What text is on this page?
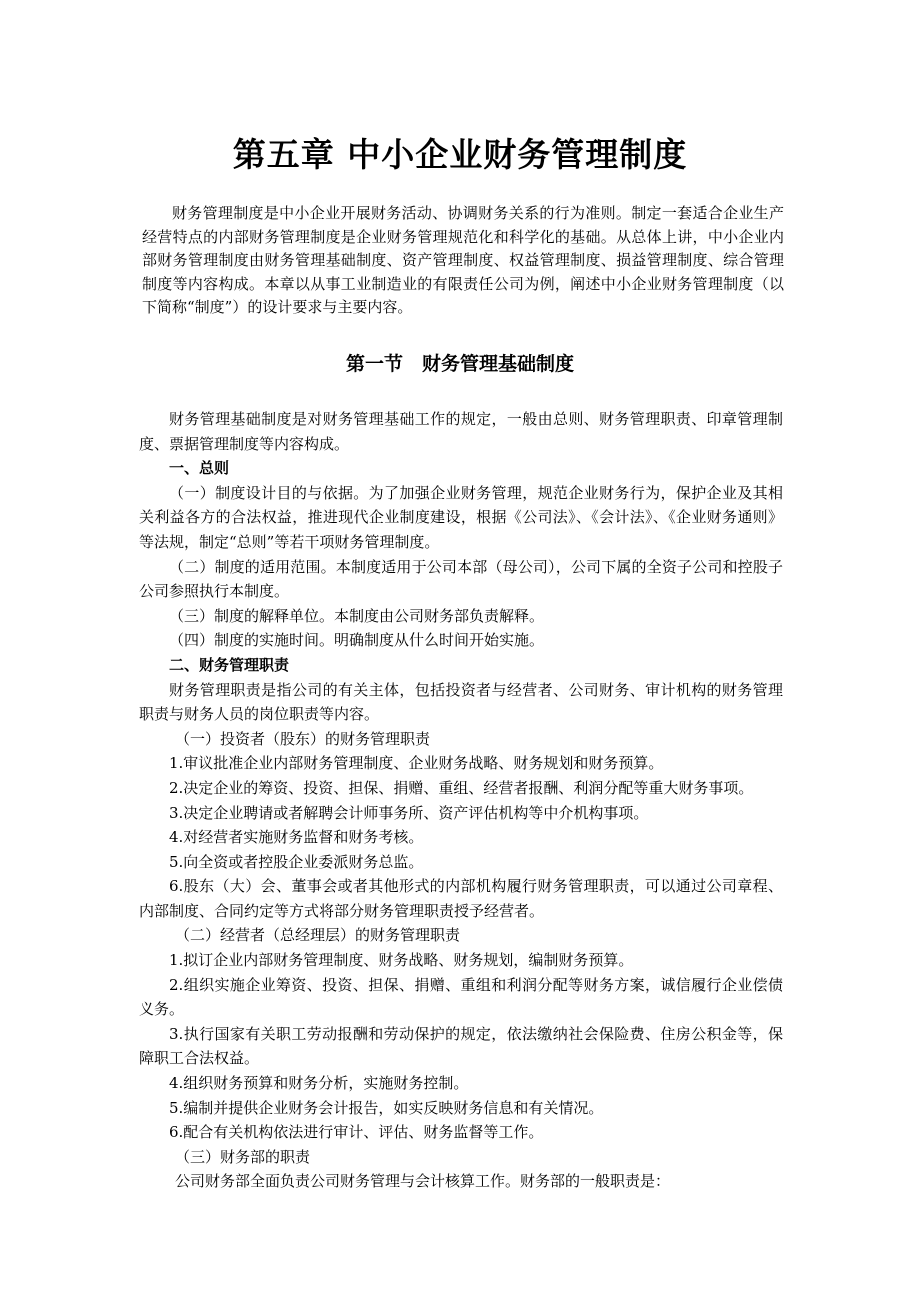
第五章 中小企业财务管理制度

财务管理制度是中小企业开展财务活动、协调财务关系的行为准则。制定一套适合企业生产经营特点的内部财务管理制度是企业财务管理规范化和科学化的基础。从总体上讲，中小企业内部财务管理制度由财务管理基础制度、资产管理制度、权益管理制度、损益管理制度、综合管理制度等内容构成。本章以从事工业制造业的有限责任公司为例，阐述中小企业财务管理制度（以下简称“制度”）的设计要求与主要内容。

第一节　财务管理基础制度

财务管理基础制度是对财务管理基础工作的规定，一般由总则、财务管理职责、印章管理制度、票据管理制度等内容构成。

一、总则

（一）制度设计目的与依据。为了加强企业财务管理，规范企业财务行为，保护企业及其相关利益各方的合法权益，推进现代企业制度建设，根据《公司法》、《会计法》、《企业财务通则》等法规，制定“总则”等若干项财务管理制度。

（二）制度的适用范围。本制度适用于公司本部（母公司），公司下属的全资子公司和控股子公司参照执行本制度。

（三）制度的解释单位。本制度由公司财务部负责解释。

（四）制度的实施时间。明确制度从什么时间开始实施。

二、财务管理职责

财务管理职责是指公司的有关主体，包括投资者与经营者、公司财务、审计机构的财务管理职责与财务人员的岗位职责等内容。

（一）投资者（股东）的财务管理职责

1.审议批准企业内部财务管理制度、企业财务战略、财务规划和财务预算。

2.决定企业的筹资、投资、担保、捐赠、重组、经营者报酬、利润分配等重大财务事项。

3.决定企业聘请或者解聘会计师事务所、资产评估机构等中介机构事项。

4.对经营者实施财务监督和财务考核。

5.向全资或者控股企业委派财务总监。

6.股东（大）会、董事会或者其他形式的内部机构履行财务管理职责，可以通过公司章程、内部制度、合同约定等方式将部分财务管理职责授予经营者。

（二）经营者（总经理层）的财务管理职责

1.拟订企业内部财务管理制度、财务战略、财务规划，编制财务预算。

2.组织实施企业筹资、投资、担保、捐赠、重组和利润分配等财务方案，诚信履行企业偿债义务。

3.执行国家有关职工劳动报酬和劳动保护的规定，依法缴纳社会保险费、住房公积金等，保障职工合法权益。

4.组织财务预算和财务分析，实施财务控制。

5.编制并提供企业财务会计报告，如实反映财务信息和有关情况。

6.配合有关机构依法进行审计、评估、财务监督等工作。

（三）财务部的职责

公司财务部全面负责公司财务管理与会计核算工作。财务部的一般职责是：
